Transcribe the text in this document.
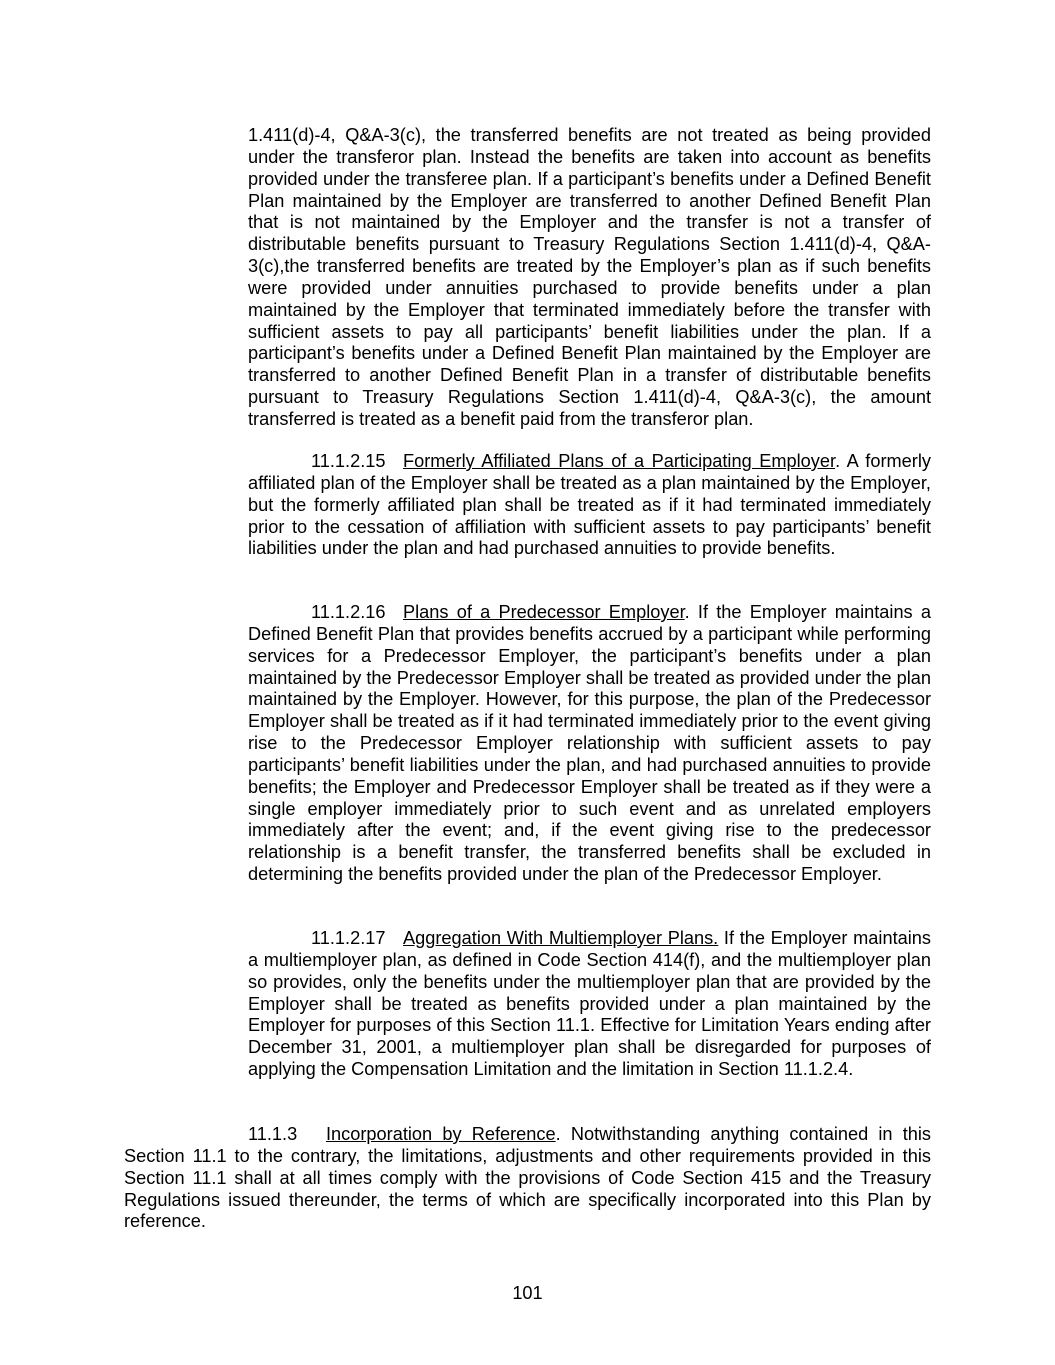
1.411(d)-4, Q&A-3(c), the transferred benefits are not treated as being provided under the transferor plan. Instead the benefits are taken into account as benefits provided under the transferee plan. If a participant’s benefits under a Defined Benefit Plan maintained by the Employer are transferred to another Defined Benefit Plan that is not maintained by the Employer and the transfer is not a transfer of distributable benefits pursuant to Treasury Regulations Section 1.411(d)-4, Q&A-3(c),the transferred benefits are treated by the Employer’s plan as if such benefits were provided under annuities purchased to provide benefits under a plan maintained by the Employer that terminated immediately before the transfer with sufficient assets to pay all participants’ benefit liabilities under the plan. If a participant’s benefits under a Defined Benefit Plan maintained by the Employer are transferred to another Defined Benefit Plan in a transfer of distributable benefits pursuant to Treasury Regulations Section 1.411(d)-4, Q&A-3(c), the amount transferred is treated as a benefit paid from the transferor plan.

11.1.2.15 Formerly Affiliated Plans of a Participating Employer. A formerly affiliated plan of the Employer shall be treated as a plan maintained by the Employer, but the formerly affiliated plan shall be treated as if it had terminated immediately prior to the cessation of affiliation with sufficient assets to pay participants’ benefit liabilities under the plan and had purchased annuities to provide benefits.

11.1.2.16 Plans of a Predecessor Employer. If the Employer maintains a Defined Benefit Plan that provides benefits accrued by a participant while performing services for a Predecessor Employer, the participant’s benefits under a plan maintained by the Predecessor Employer shall be treated as provided under the plan maintained by the Employer. However, for this purpose, the plan of the Predecessor Employer shall be treated as if it had terminated immediately prior to the event giving rise to the Predecessor Employer relationship with sufficient assets to pay participants’ benefit liabilities under the plan, and had purchased annuities to provide benefits; the Employer and Predecessor Employer shall be treated as if they were a single employer immediately prior to such event and as unrelated employers immediately after the event; and, if the event giving rise to the predecessor relationship is a benefit transfer, the transferred benefits shall be excluded in determining the benefits provided under the plan of the Predecessor Employer.

11.1.2.17 Aggregation With Multiemployer Plans. If the Employer maintains a multiemployer plan, as defined in Code Section 414(f), and the multiemployer plan so provides, only the benefits under the multiemployer plan that are provided by the Employer shall be treated as benefits provided under a plan maintained by the Employer for purposes of this Section 11.1. Effective for Limitation Years ending after December 31, 2001, a multiemployer plan shall be disregarded for purposes of applying the Compensation Limitation and the limitation in Section 11.1.2.4.

11.1.3 Incorporation by Reference. Notwithstanding anything contained in this Section 11.1 to the contrary, the limitations, adjustments and other requirements provided in this Section 11.1 shall at all times comply with the provisions of Code Section 415 and the Treasury Regulations issued thereunder, the terms of which are specifically incorporated into this Plan by reference.

101
